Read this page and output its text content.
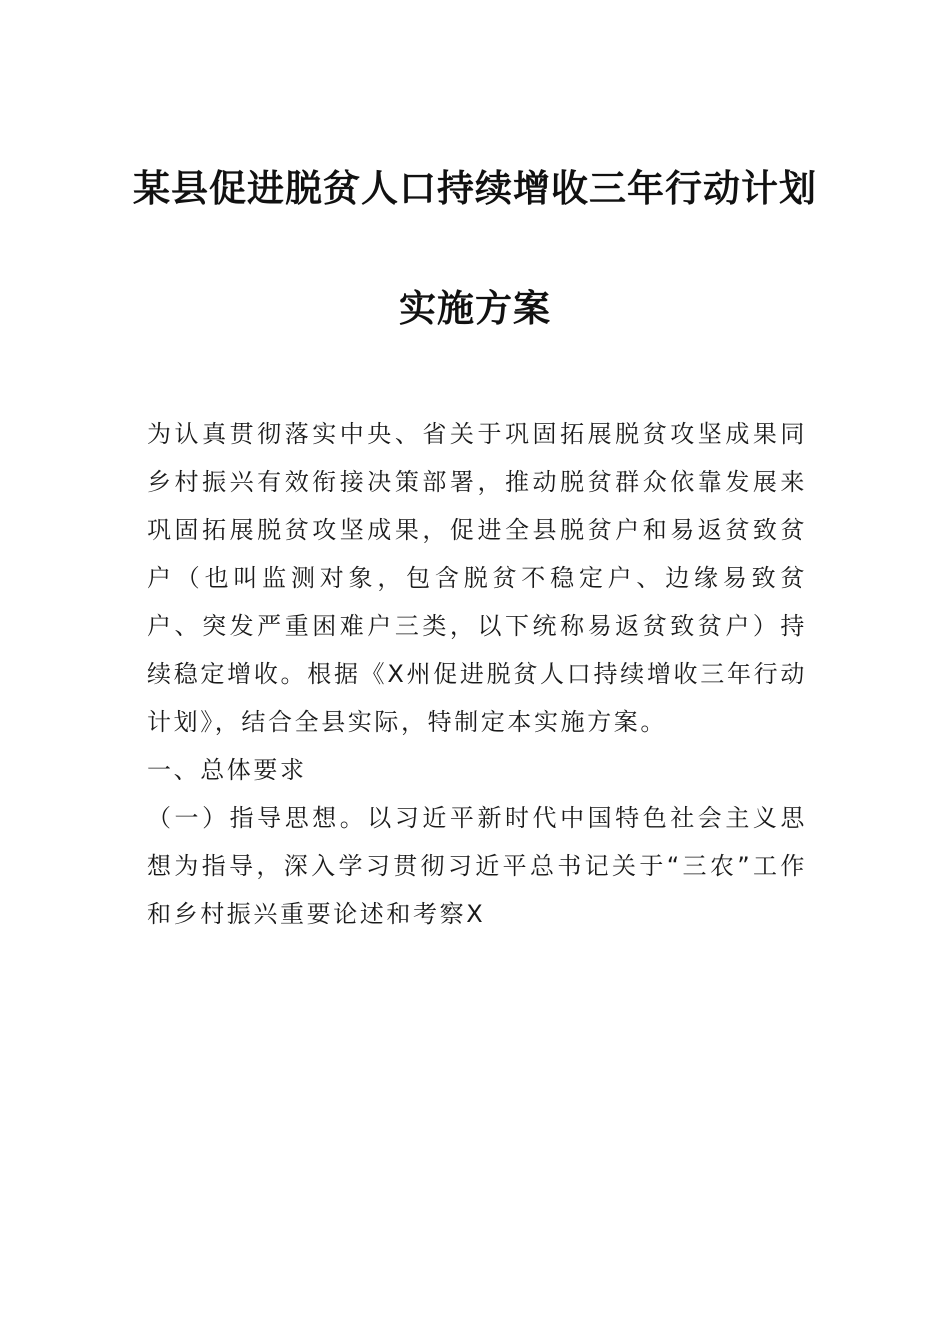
某县促进脱贫人口持续增收三年行动计划
实施方案

为认真贯彻落实中央、省关于巩固拓展脱贫攻坚成果同乡村振兴有效衔接决策部署，推动脱贫群众依靠发展来巩固拓展脱贫攻坚成果，促进全县脱贫户和易返贫致贫户（也叫监测对象，包含脱贫不稳定户、边缘易致贫户、突发严重困难户三类，以下统称易返贫致贫户）持续稳定增收。根据《X州促进脱贫人口持续增收三年行动计划》，结合全县实际，特制定本实施方案。

一、总体要求

（一）指导思想。以习近平新时代中国特色社会主义思想为指导，深入学习贯彻习近平总书记关于“三农”工作和乡村振兴重要论述和考察X
